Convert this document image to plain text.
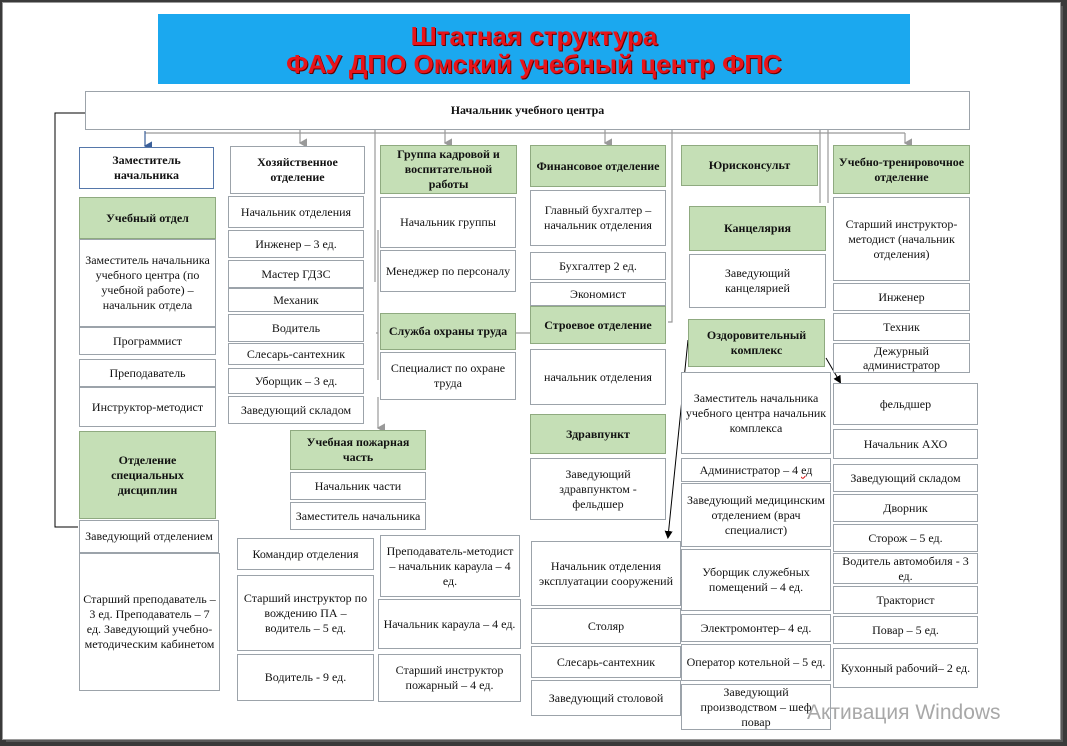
Штатная структура
ФАУ ДПО Омский учебный центр ФПС
Начальник учебного центра
Заместитель начальника
Учебный отдел
Заместитель начальника учебного центра (по учебной работе) – начальник отдела
Программист
Преподаватель
Инструктор-методист
Отделение специальных дисциплин
Заведующий отделением
Старший преподаватель – 3 ед. Преподаватель – 7 ед. Заведующий учебно-методическим кабинетом
Хозяйственное отделение
Начальник отделения
Инженер – 3 ед.
Мастер ГДЗС
Механик
Водитель
Слесарь-сантехник
Уборщик – 3 ед.
Заведующий складом
Группа кадровой и воспитательной работы
Начальник группы
Менеджер по персоналу
Служба охраны труда
Специалист по охране труда
Учебная пожарная часть
Начальник части
Заместитель начальника
Командир отделения
Старший инструктор по вождению ПА – водитель – 5 ед.
Водитель - 9 ед.
Преподаватель-методист – начальник караула – 4 ед.
Начальник караула – 4 ед.
Старший инструктор пожарный – 4 ед.
Финансовое отделение
Главный бухгалтер – начальник отделения
Бухгалтер 2 ед.
Экономист
Строевое отделение
начальник отделения
Здравпункт
Заведующий здравпунктом - фельдшер
Начальник отделения эксплуатации сооружений
Столяр
Слесарь-сантехник
Заведующий столовой
Юрисконсульт
Канцелярия
Заведующий канцелярией
Оздоровительный комплекс
Заместитель начальника учебного центра начальник комплекса
Администратор – 4 ед
Заведующий медицинским отделением (врач специалист)
Уборщик служебных помещений – 4 ед.
Электромонтер– 4 ед.
Оператор котельной – 5 ед.
Заведующий производством – шеф повар
Учебно-тренировочное отделение
Старший инструктор-методист (начальник отделения)
Инженер
Техник
Дежурный администратор
фельдшер
Начальник АХО
Заведующий складом
Дворник
Сторож – 5 ед.
Водитель автомобиля - 3 ед.
Тракторист
Повар – 5 ед.
Кухонный рабочий– 2 ед.
Активация Windows
